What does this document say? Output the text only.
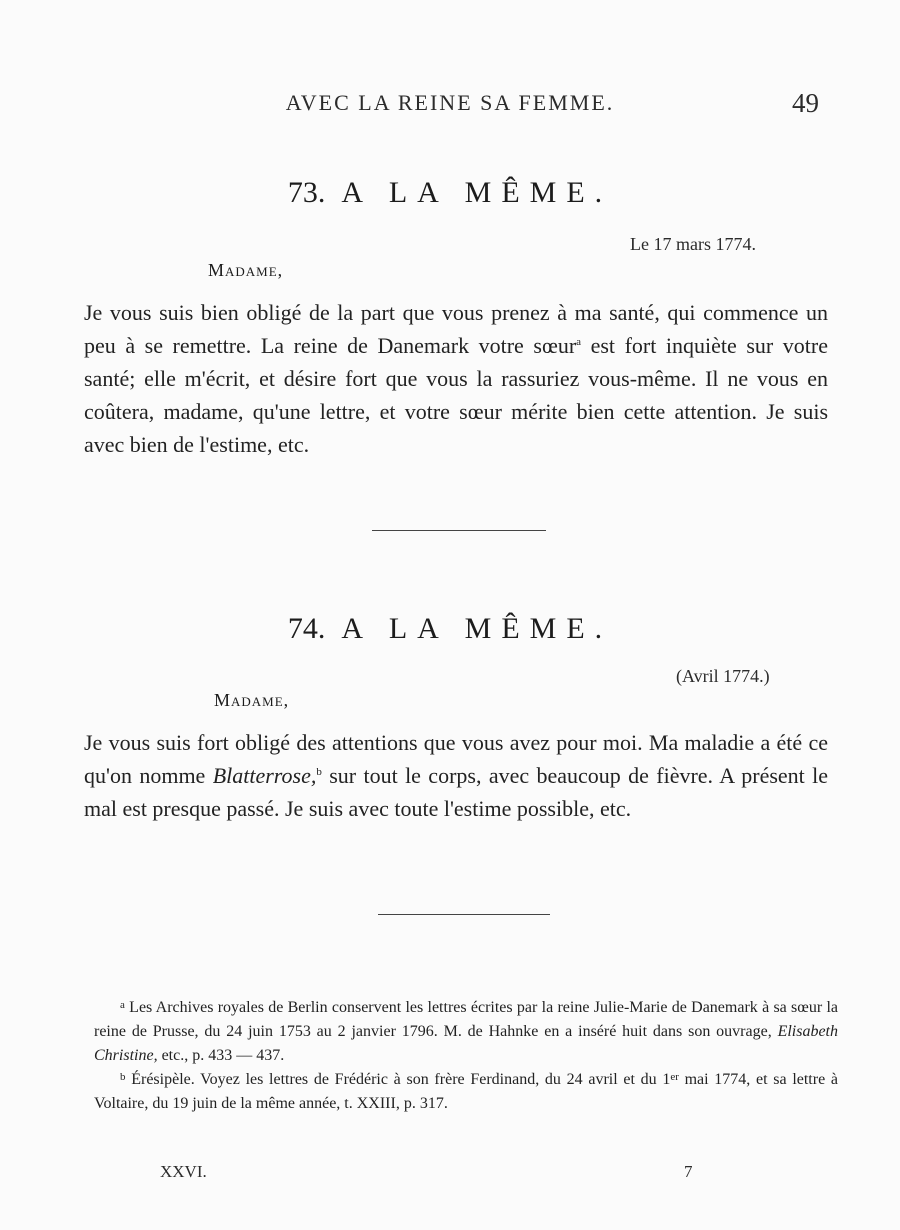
AVEC LA REINE SA FEMME.	49
73. A LA MÊME.
Le 17 mars 1774.
Madame,
Je vous suis bien obligé de la part que vous prenez à ma santé, qui commence un peu à se remettre. La reine de Danemark votre sœur$^a$ est fort inquiète sur votre santé; elle m'écrit, et désire fort que vous la rassuriez vous-même. Il ne vous en coûtera, madame, qu'une lettre, et votre sœur mérite bien cette attention. Je suis avec bien de l'estime, etc.
74. A LA MÊME.
(Avril 1774.)
Madame,
Je vous suis fort obligé des attentions que vous avez pour moi. Ma maladie a été ce qu'on nomme Blatterrose,$^b$ sur tout le corps, avec beaucoup de fièvre. A présent le mal est presque passé. Je suis avec toute l'estime possible, etc.

$^a$ Les Archives royales de Berlin conservent les lettres écrites par la reine Julie-Marie de Danemark à sa sœur la reine de Prusse, du 24 juin 1753 au 2 janvier 1796. M. de Hahnke en a inséré huit dans son ouvrage, Elisabeth Christine, etc., p. 433 — 437.

$^b$ Érésipèle. Voyez les lettres de Frédéric à son frère Ferdinand, du 24 avril et du 1er mai 1774, et sa lettre à Voltaire, du 19 juin de la même année, t. XXIII, p. 317.

XXVI.	7
